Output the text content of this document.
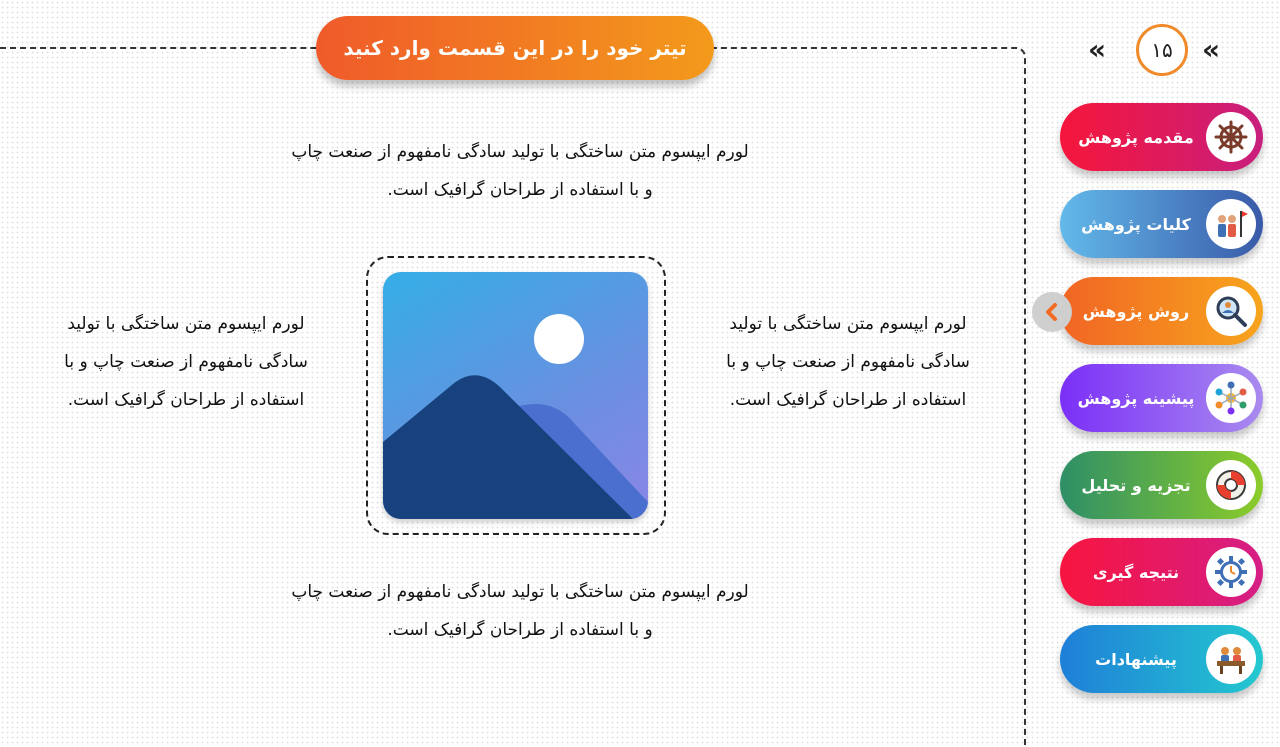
تیتر خود را در این قسمت وارد کنید
لورم ایپسوم متن ساختگی با تولید سادگی نامفهوم از صنعت چاپ و با استفاده از طراحان گرافیک است.
لورم ایپسوم متن ساختگی با تولید سادگی نامفهوم از صنعت چاپ و با استفاده از طراحان گرافیک است.
لورم ایپسوم متن ساختگی با تولید سادگی نامفهوم از صنعت چاپ و با استفاده از طراحان گرافیک است.
لورم ایپسوم متن ساختگی با تولید سادگی نامفهوم از صنعت چاپ و با استفاده از طراحان گرافیک است.
«	۱۵	«
مقدمه پژوهش
کلیات پژوهش
روش پژوهش
پیشینه پژوهش
تجزیه و تحلیل
نتیجه گیری
پیشنهادات
